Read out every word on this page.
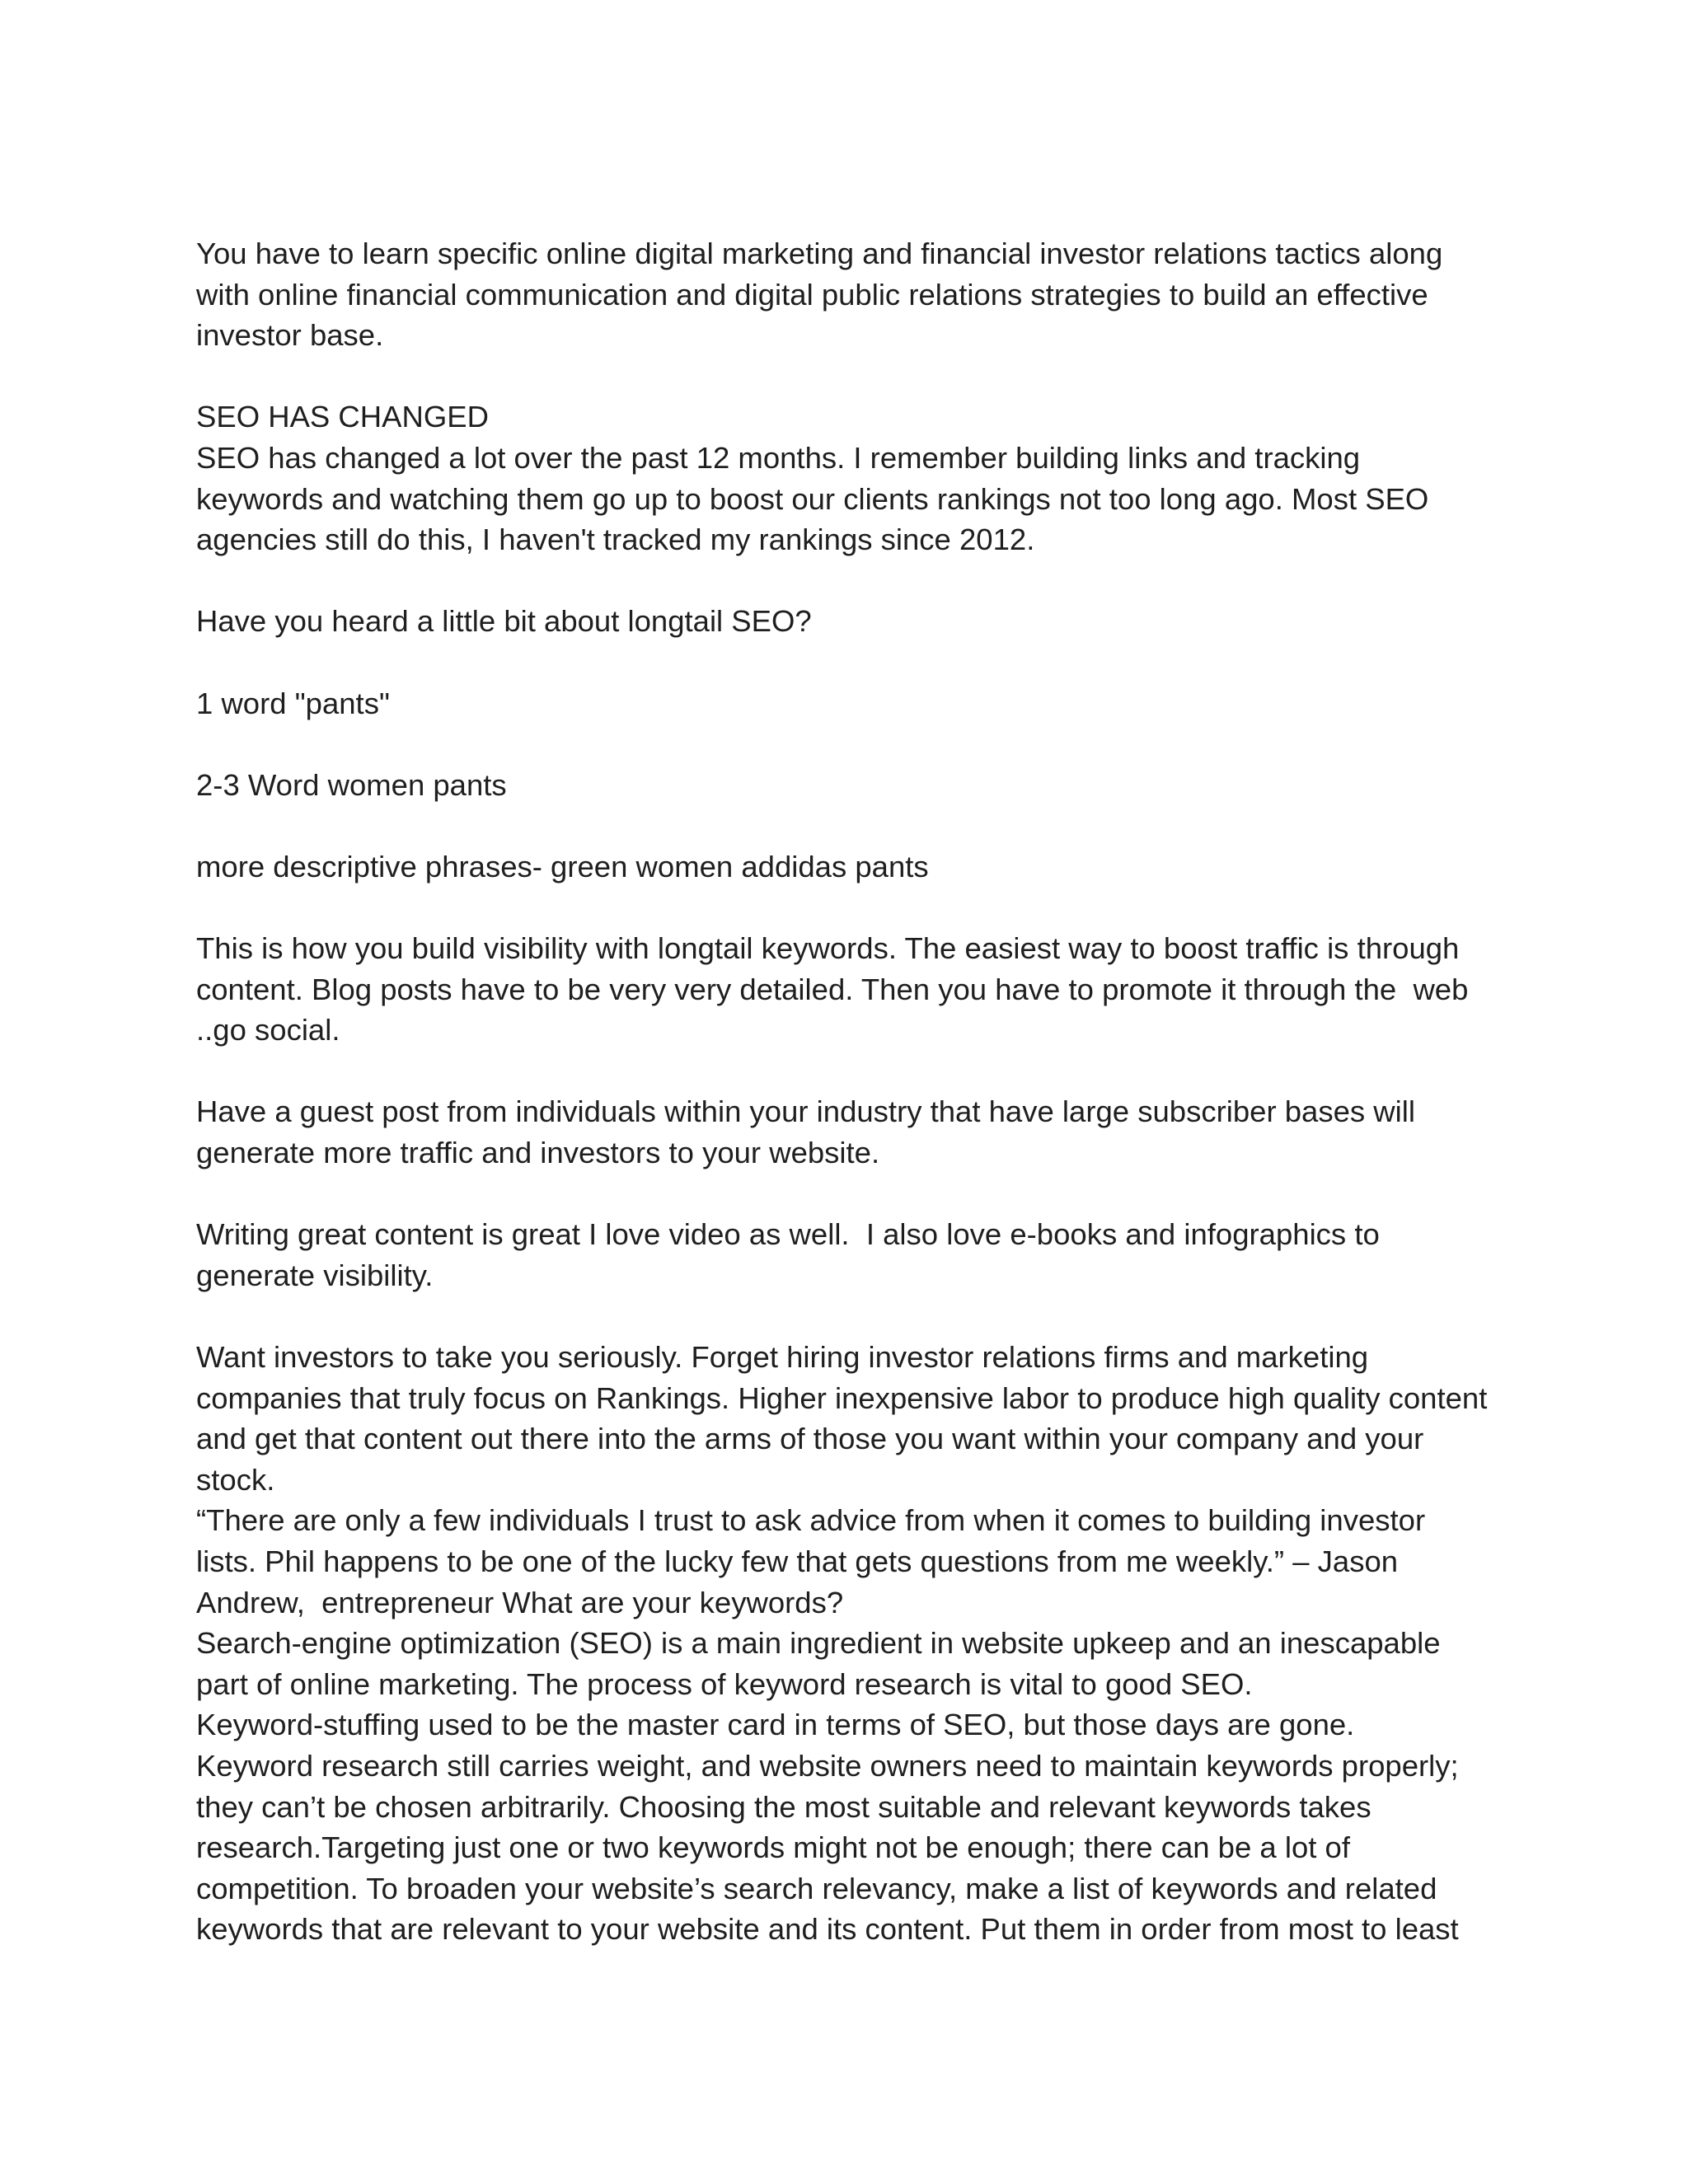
You have to learn specific online digital marketing and financial investor relations tactics along

with online financial communication and digital public relations strategies to build an effective

investor base.

SEO HAS CHANGED

SEO has changed a lot over the past 12 months. I remember building links and tracking

keywords and watching them go up to boost our clients rankings not too long ago. Most SEO

agencies still do this, I haven't tracked my rankings since 2012.

Have you heard a little bit about longtail SEO?

1 word "pants"

2-3 Word women pants

more descriptive phrases- green women addidas pants

This is how you build visibility with longtail keywords. The easiest way to boost traffic is through

content. Blog posts have to be very very detailed. Then you have to promote it through the  web

..go social.

Have a guest post from individuals within your industry that have large subscriber bases will

generate more traffic and investors to your website.

Writing great content is great I love video as well.  I also love e-books and infographics to

generate visibility.

Want investors to take you seriously. Forget hiring investor relations firms and marketing

companies that truly focus on Rankings. Higher inexpensive labor to produce high quality content

and get that content out there into the arms of those you want within your company and your

stock.

“There are only a few individuals I trust to ask advice from when it comes to building investor

lists. Phil happens to be one of the lucky few that gets questions from me weekly.” – Jason

Andrew,  entrepreneur What are your keywords?

Search-engine optimization (SEO) is a main ingredient in website upkeep and an inescapable

part of online marketing. The process of keyword research is vital to good SEO.

Keyword-stuffing used to be the master card in terms of SEO, but those days are gone.

Keyword research still carries weight, and website owners need to maintain keywords properly;

they can’t be chosen arbitrarily. Choosing the most suitable and relevant keywords takes

research.Targeting just one or two keywords might not be enough; there can be a lot of

competition. To broaden your website’s search relevancy, make a list of keywords and related

keywords that are relevant to your website and its content. Put them in order from most to least
